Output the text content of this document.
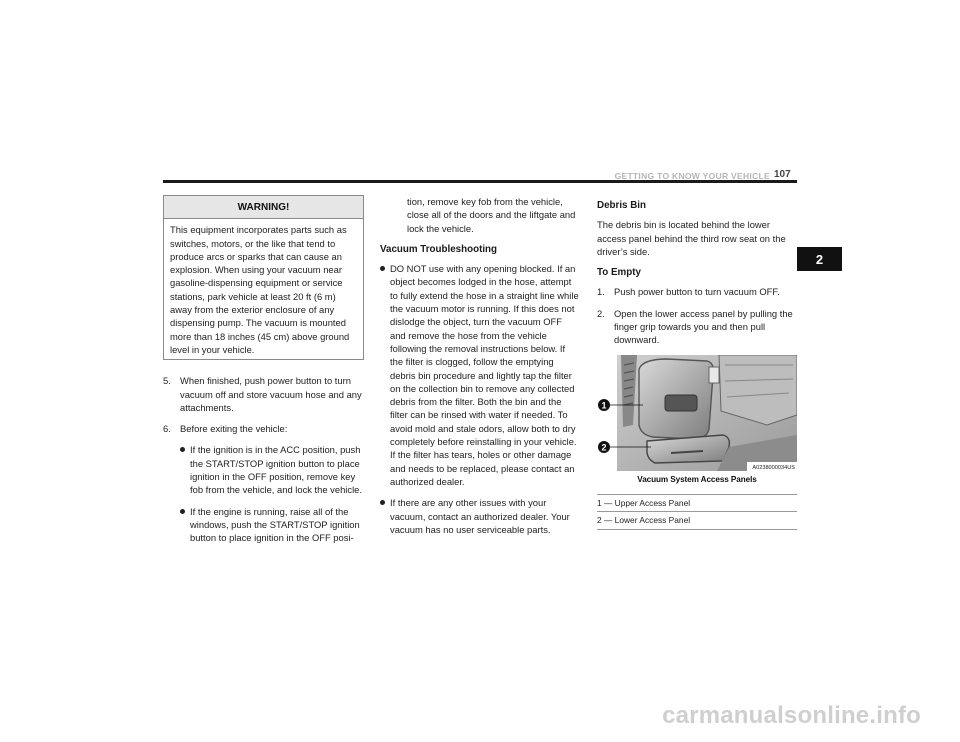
GETTING TO KNOW YOUR VEHICLE 107
2
WARNING!
This equipment incorporates parts such as switches, motors, or the like that tend to produce arcs or sparks that can cause an explosion. When using your vacuum near gasoline-dispensing equipment or service stations, park vehicle at least 20 ft (6 m) away from the exterior enclosure of any dispensing pump. The vacuum is mounted more than 18 inches (45 cm) above ground level in your vehicle.
5. When finished, push power button to turn vacuum off and store vacuum hose and any attachments.
6. Before exiting the vehicle:
If the ignition is in the ACC position, push the START/STOP ignition button to place ignition in the OFF position, remove key fob from the vehicle, and lock the vehicle.
If the engine is running, raise all of the windows, push the START/STOP ignition button to place ignition in the OFF posi-
tion, remove key fob from the vehicle, close all of the doors and the liftgate and lock the vehicle.
Vacuum Troubleshooting
DO NOT use with any opening blocked. If an object becomes lodged in the hose, attempt to fully extend the hose in a straight line while the vacuum motor is running. If this does not dislodge the object, turn the vacuum OFF and remove the hose from the vehicle following the removal instructions below. If the filter is clogged, follow the emptying debris bin procedure and lightly tap the filter on the collection bin to remove any collected debris from the filter. Both the bin and the filter can be rinsed with water if needed. To avoid mold and stale odors, allow both to dry completely before reinstalling in your vehicle. If the filter has tears, holes or other damage and needs to be replaced, please contact an authorized dealer.
If there are any other issues with your vacuum, contact an authorized dealer. Your vacuum has no user serviceable parts.
Debris Bin
The debris bin is located behind the lower access panel behind the third row seat on the driver’s side.
To Empty
1. Push power button to turn vacuum OFF.
2. Open the lower access panel by pulling the finger grip towards you and then pull downward.
1
2
A0238000034US
Vacuum System Access Panels
1 — Upper Access Panel
2 — Lower Access Panel
carmanualsonline.info
